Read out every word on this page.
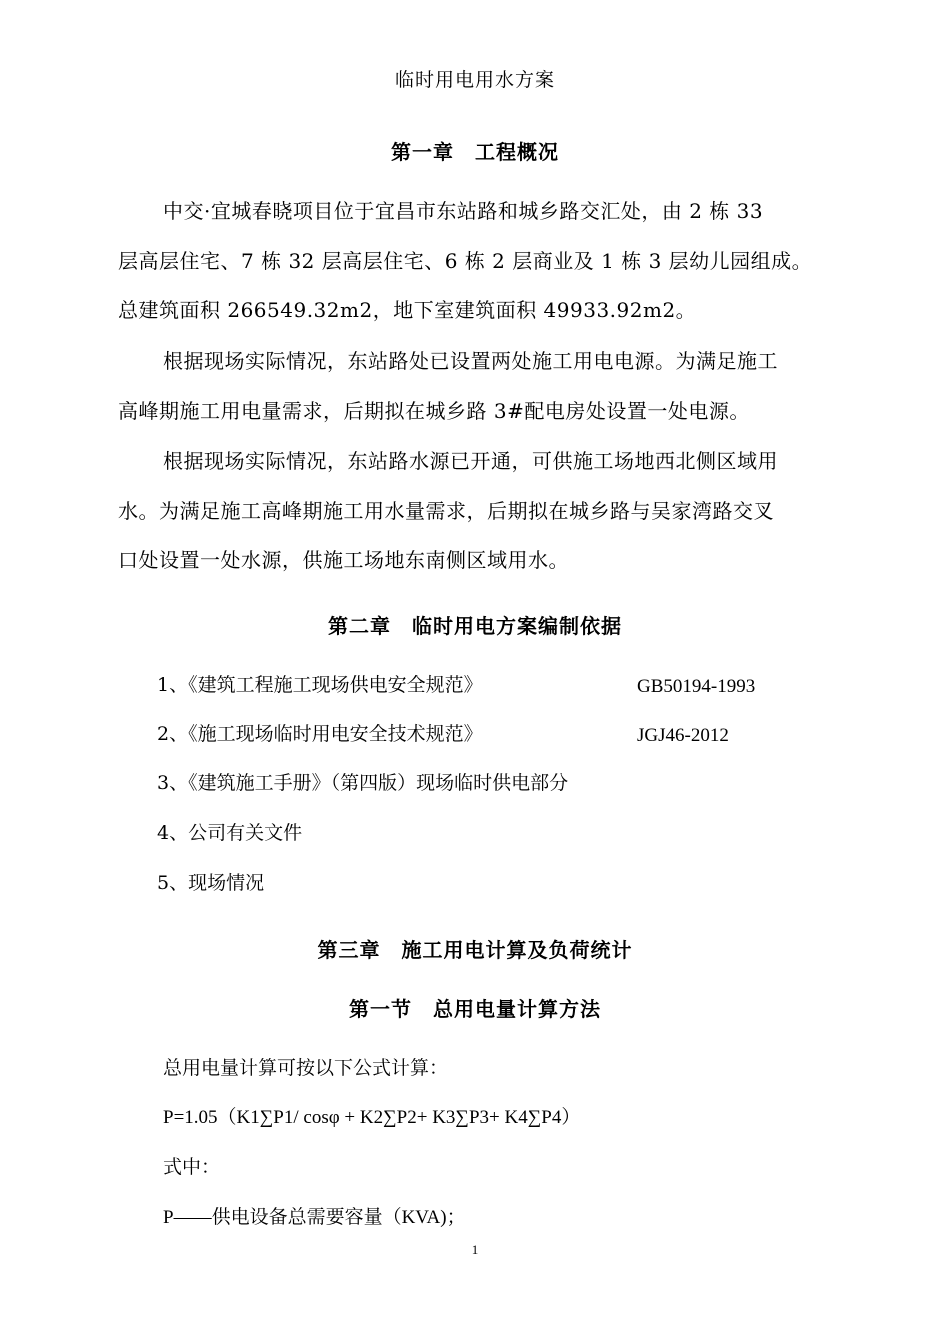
临时用电用水方案
第一章　工程概况
中交·宜城春晓项目位于宜昌市东站路和城乡路交汇处，由 2 栋 33
层高层住宅、7 栋 32 层高层住宅、6 栋 2 层商业及 1 栋 3 层幼儿园组成。
总建筑面积 266549.32m2，地下室建筑面积 49933.92m2。
根据现场实际情况，东站路处已设置两处施工用电电源。为满足施工
高峰期施工用电量需求，后期拟在城乡路 3#配电房处设置一处电源。
根据现场实际情况，东站路水源已开通，可供施工场地西北侧区域用
水。为满足施工高峰期施工用水量需求，后期拟在城乡路与吴家湾路交叉
口处设置一处水源，供施工场地东南侧区域用水。
第二章　临时用电方案编制依据
1、《建筑工程施工现场供电安全规范》	GB50194-1993
2、《施工现场临时用电安全技术规范》	JGJ46-2012
3、《建筑施工手册》（第四版）现场临时供电部分
4、公司有关文件
5、现场情况
第三章　施工用电计算及负荷统计
第一节　总用电量计算方法
总用电量计算可按以下公式计算：
P=1.05（K1∑P1/ cosφ + K2∑P2+ K3∑P3+ K4∑P4）
式中：
P——供电设备总需要容量（KVA)；
1
